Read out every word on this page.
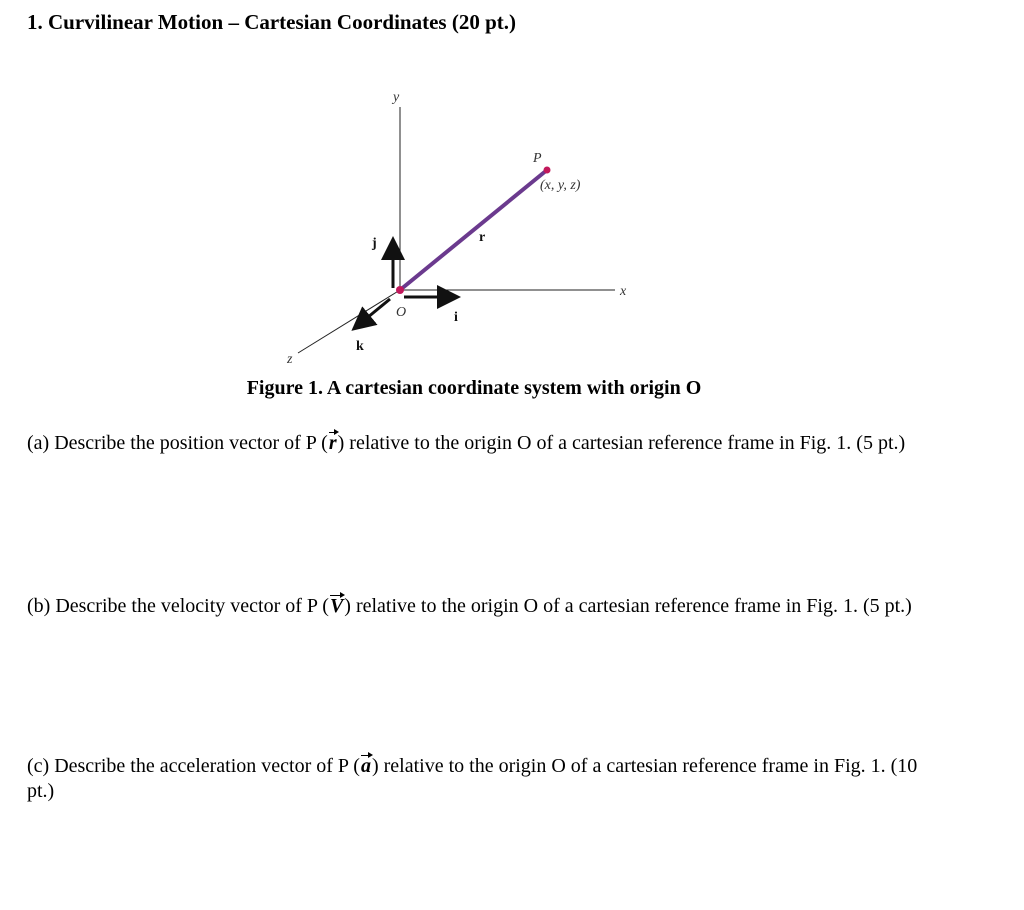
1. Curvilinear Motion – Cartesian Coordinates (20 pt.)
y
x
z
P
(x, y, z)
O
r
i
j
k
Figure 1. A cartesian coordinate system with origin O

(a) Describe the position vector of P (r) relative to the origin O of a cartesian reference frame in Fig. 1. (5 pt.)

(b) Describe the velocity vector of P (V) relative to the origin O of a cartesian reference frame in Fig. 1. (5 pt.)

(c) Describe the acceleration vector of P (a) relative to the origin O of a cartesian reference frame in Fig. 1. (10 pt.)
